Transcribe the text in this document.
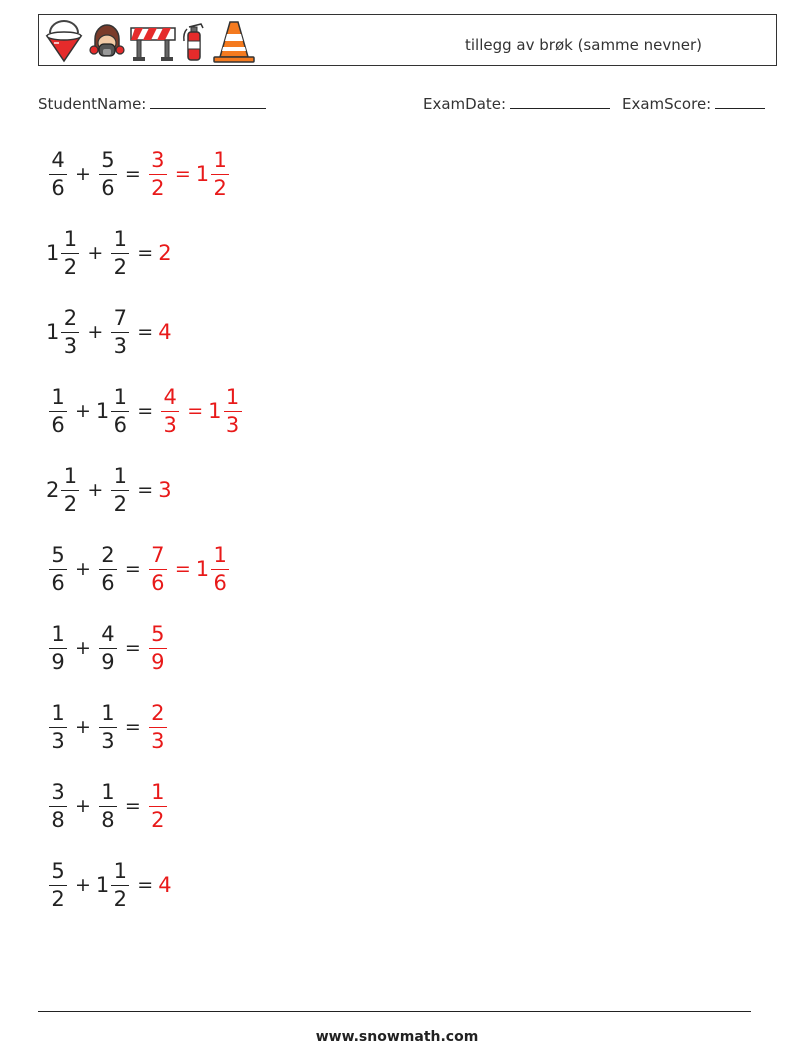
tillegg av brøk (samme nevner)
StudentName:	ExamDate:	ExamScore:
$\frac{4}{6} + \frac{5}{6} = \frac{3}{2} = 1 \frac{1}{2}$
$1 \frac{1}{2} + \frac{1}{2} = 2$
$1 \frac{2}{3} + \frac{7}{3} = 4$
$\frac{1}{6} + 1 \frac{1}{6} = \frac{4}{3} = 1 \frac{1}{3}$
$2 \frac{1}{2} + \frac{1}{2} = 3$
$\frac{5}{6} + \frac{2}{6} = \frac{7}{6} = 1 \frac{1}{6}$
$\frac{1}{9} + \frac{4}{9} = \frac{5}{9}$
$\frac{1}{3} + \frac{1}{3} = \frac{2}{3}$
$\frac{3}{8} + \frac{1}{8} = \frac{1}{2}$
$\frac{5}{2} + 1 \frac{1}{2} = 4$
www.snowmath.com
